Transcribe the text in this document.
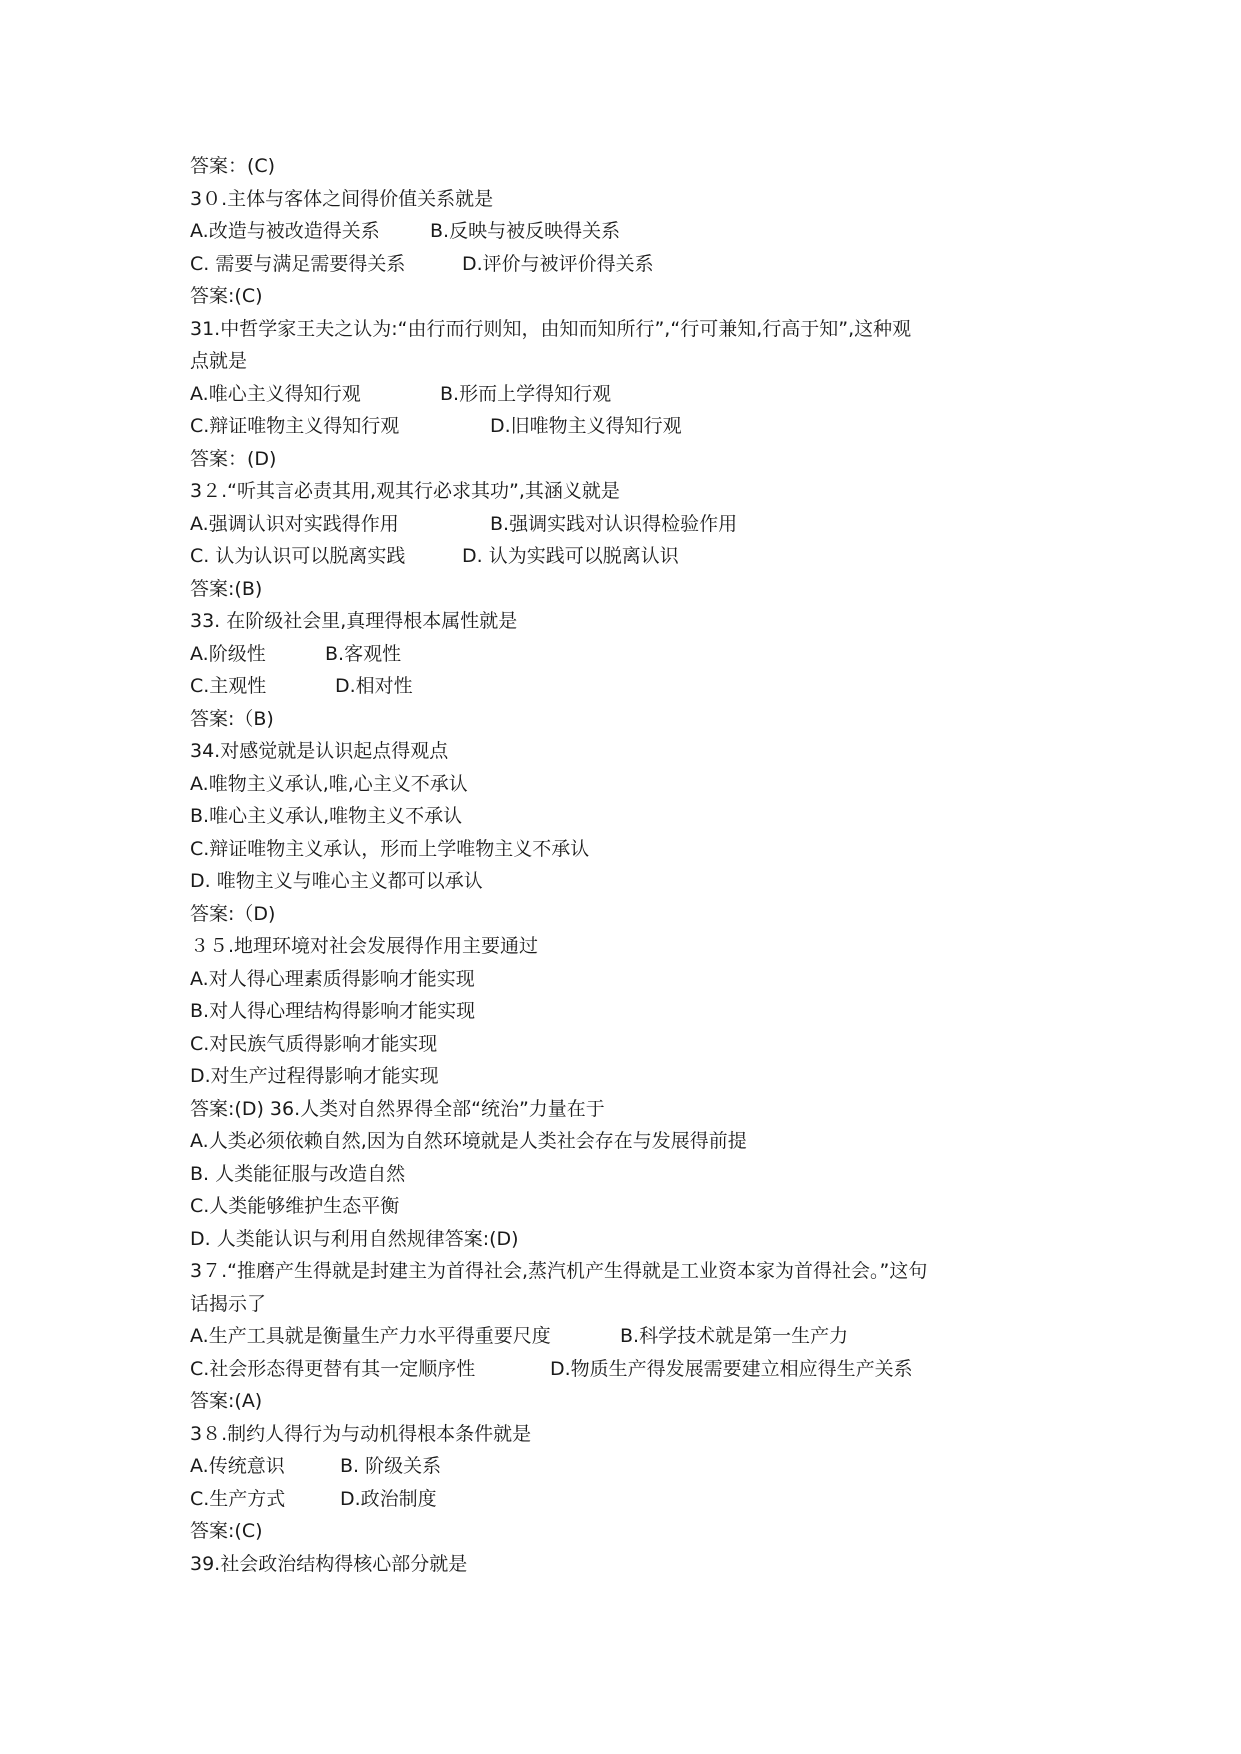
答案：(C)
3０.主体与客体之间得价值关系就是
A.改造与被改造得关系	B.反映与被反映得关系
C. 需要与满足需要得关系	D.评价与被评价得关系
答案:(C)
31.中哲学家王夫之认为:“由行而行则知，由知而知所行”,“行可兼知,行高于知”,这种观
点就是
A.唯心主义得知行观	B.形而上学得知行观
C.辩证唯物主义得知行观	D.旧唯物主义得知行观
答案：(D)
3２.“听其言必责其用,观其行必求其功”,其涵义就是
A.强调认识对实践得作用	B.强调实践对认识得检验作用
C. 认为认识可以脱离实践	D. 认为实践可以脱离认识
答案:(B)
33. 在阶级社会里,真理得根本属性就是
A.阶级性	B.客观性
C.主观性	D.相对性
答案:（B)
34.对感觉就是认识起点得观点
A.唯物主义承认,唯,心主义不承认
B.唯心主义承认,唯物主义不承认
C.辩证唯物主义承认，形而上学唯物主义不承认
D. 唯物主义与唯心主义都可以承认
答案:（D)
３５.地理环境对社会发展得作用主要通过
A.对人得心理素质得影响才能实现
B.对人得心理结构得影响才能实现
C.对民族气质得影响才能实现
D.对生产过程得影响才能实现
答案:(D) 36.人类对自然界得全部“统治”力量在于
A.人类必须依赖自然,因为自然环境就是人类社会存在与发展得前提
B. 人类能征服与改造自然
C.人类能够维护生态平衡
D. 人类能认识与利用自然规律答案:(D)
3７.“推磨产生得就是封建主为首得社会,蒸汽机产生得就是工业资本家为首得社会。”这句
话揭示了
A.生产工具就是衡量生产力水平得重要尺度	B.科学技术就是第一生产力
C.社会形态得更替有其一定顺序性	D.物质生产得发展需要建立相应得生产关系
答案:(A)
3８.制约人得行为与动机得根本条件就是
A.传统意识	B. 阶级关系
C.生产方式	D.政治制度
答案:(C)
39.社会政治结构得核心部分就是
